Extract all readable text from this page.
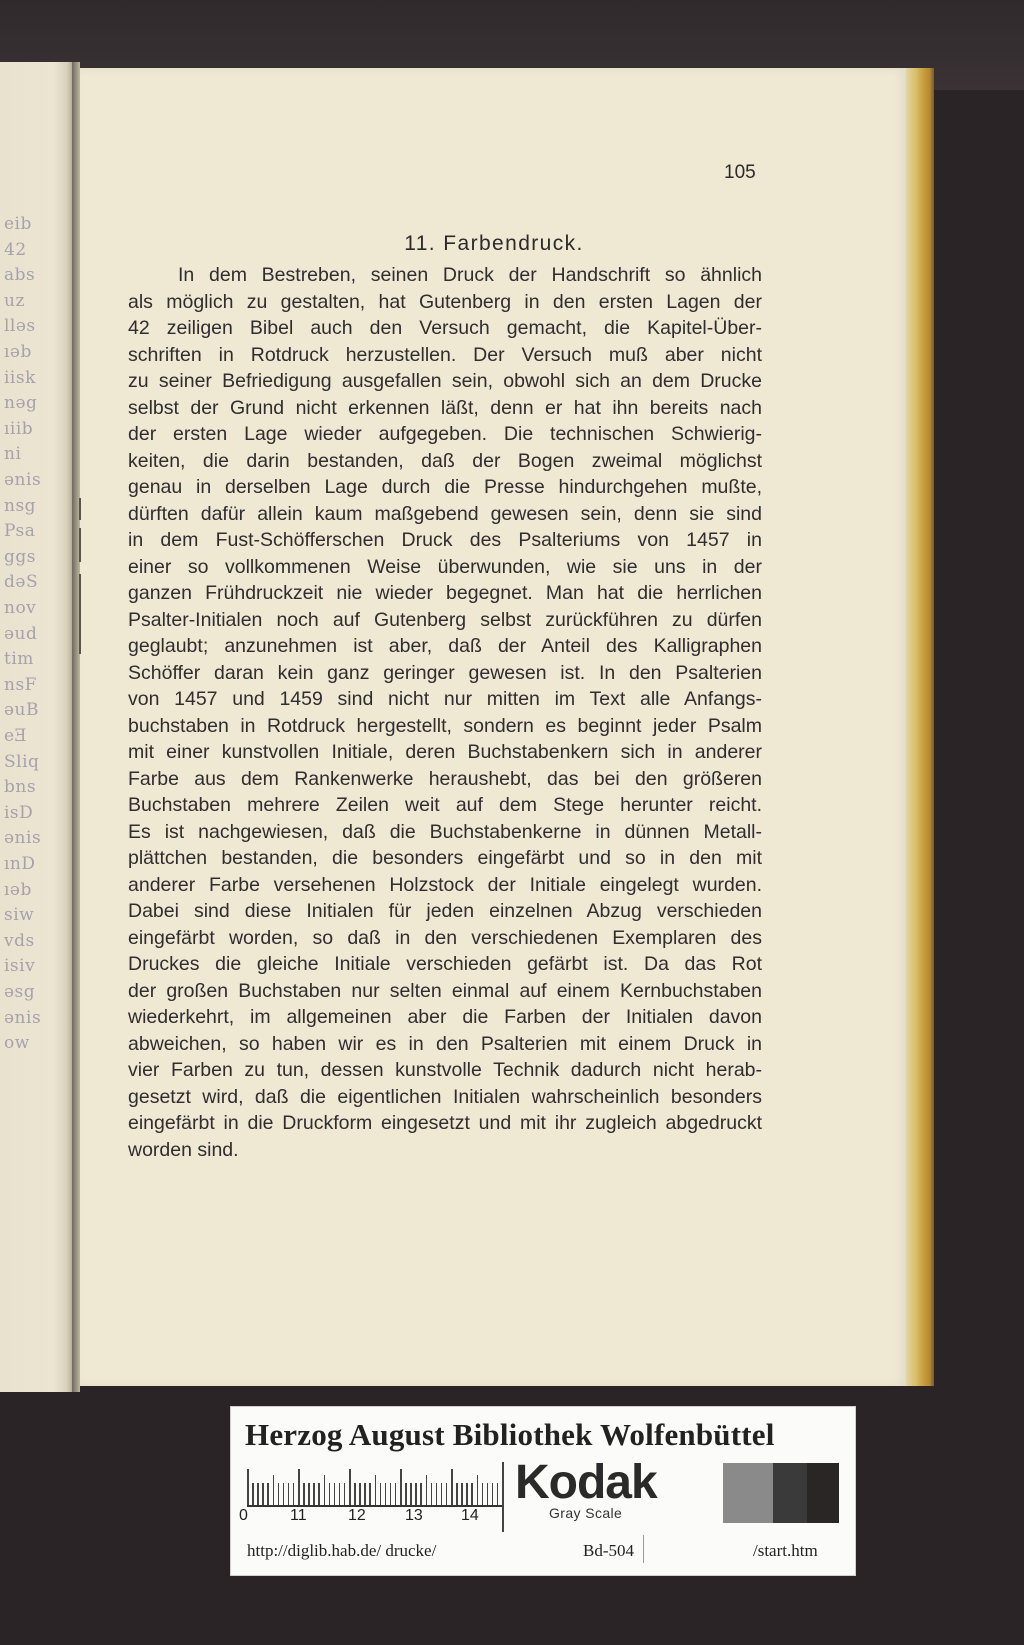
eib
42
abs
uz
lləs
ıəb
iisk
nəg
ıiib
ni
ənis
nsg
Psa
ggs
dəS
nov
əud
tim
nsF
əuB
eƎ
Sliq
bns
isD
ənis
ınD
ıəb
siw
vds
isiv
əsg
ənis
ow
105
11. Farbendruck.
In dem Bestreben, seinen Druck der Handschrift so ähnlich
als möglich zu gestalten, hat Gutenberg in den ersten Lagen der
42 zeiligen Bibel auch den Versuch gemacht, die Kapitel-Über-
schriften in Rotdruck herzustellen. Der Versuch muß aber nicht
zu seiner Befriedigung ausgefallen sein, obwohl sich an dem Drucke
selbst der Grund nicht erkennen läßt, denn er hat ihn bereits nach
der ersten Lage wieder aufgegeben. Die technischen Schwierig-
keiten, die darin bestanden, daß der Bogen zweimal möglichst
genau in derselben Lage durch die Presse hindurchgehen mußte,
dürften dafür allein kaum maßgebend gewesen sein, denn sie sind
in dem Fust-Schöfferschen Druck des Psalteriums von 1457 in
einer so vollkommenen Weise überwunden, wie sie uns in der
ganzen Frühdruckzeit nie wieder begegnet. Man hat die herrlichen
Psalter-Initialen noch auf Gutenberg selbst zurückführen zu dürfen
geglaubt; anzunehmen ist aber, daß der Anteil des Kalligraphen
Schöffer daran kein ganz geringer gewesen ist. In den Psalterien
von 1457 und 1459 sind nicht nur mitten im Text alle Anfangs-
buchstaben in Rotdruck hergestellt, sondern es beginnt jeder Psalm
mit einer kunstvollen Initiale, deren Buchstabenkern sich in anderer
Farbe aus dem Rankenwerke heraushebt, das bei den größeren
Buchstaben mehrere Zeilen weit auf dem Stege herunter reicht.
Es ist nachgewiesen, daß die Buchstabenkerne in dünnen Metall-
plättchen bestanden, die besonders eingefärbt und so in den mit
anderer Farbe versehenen Holzstock der Initiale eingelegt wurden.
Dabei sind diese Initialen für jeden einzelnen Abzug verschieden
eingefärbt worden, so daß in den verschiedenen Exemplaren des
Druckes die gleiche Initiale verschieden gefärbt ist. Da das Rot
der großen Buchstaben nur selten einmal auf einem Kernbuchstaben
wiederkehrt, im allgemeinen aber die Farben der Initialen davon
abweichen, so haben wir es in den Psalterien mit einem Druck in
vier Farben zu tun, dessen kunstvolle Technik dadurch nicht herab-
gesetzt wird, daß die eigentlichen Initialen wahrscheinlich besonders
eingefärbt in die Druckform eingesetzt und mit ihr zugleich abgedruckt
worden sind.
Herzog August Bibliothek Wolfenbüttel
0	11	12 13 14
Kodak
Gray Scale
http://diglib.hab.de/ drucke/	Bd-504	/start.htm
